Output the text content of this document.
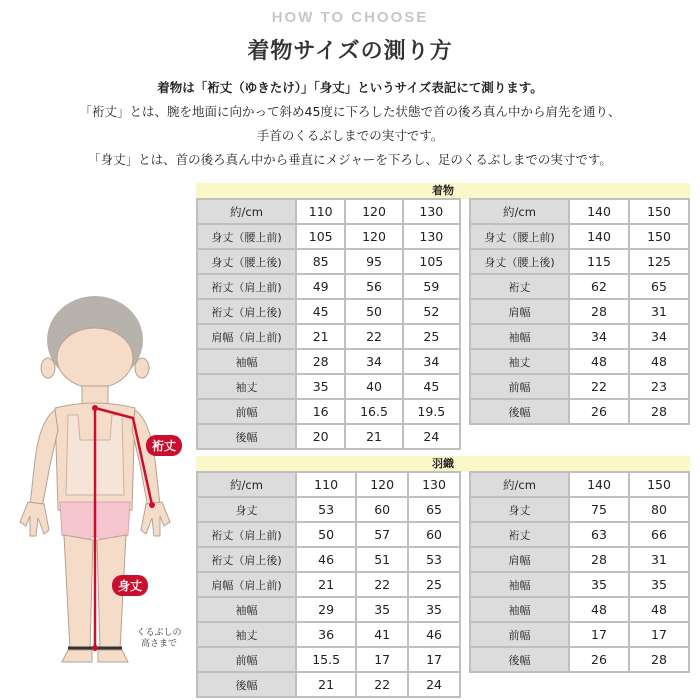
HOW TO CHOOSE
着物サイズの測り方
着物は「裄丈（ゆきたけ）」「身丈」というサイズ表記にて測ります。
「裄丈」とは、腕を地面に向かって斜め45度に下ろした状態で首の後ろ真ん中から肩先を通り、
手首のくるぶしまでの実寸です。
「身丈」とは、首の後ろ真ん中から垂直にメジャーを下ろし、足のくるぶしまでの実寸です。
裄丈
身丈
くるぶしの
高さまで
着物
約/cm	110	120	130
身丈（腰上前)	105	120	130
身丈（腰上後)	85	95	105
裄丈（肩上前)	49	56	59
裄丈（肩上後)	45	50	52
肩幅（肩上前)	21	22	25
袖幅	28	34	34
袖丈	35	40	45
前幅	16	16.5	19.5
後幅	20	21	24
約/cm	140	150
身丈（腰上前)	140	150
身丈（腰上後)	115	125
裄丈	62	65
肩幅	28	31
袖幅	34	34
袖丈	48	48
前幅	22	23
後幅	26	28
羽織
約/cm	110	120	130
身丈	53	60	65
裄丈（肩上前)	50	57	60
裄丈（肩上後)	46	51	53
肩幅（肩上前)	21	22	25
袖幅	29	35	35
袖丈	36	41	46
前幅	15.5	17	17
後幅	21	22	24
約/cm	140	150
身丈	75	80
裄丈	63	66
肩幅	28	31
袖幅	35	35
袖幅	48	48
前幅	17	17
後幅	26	28
